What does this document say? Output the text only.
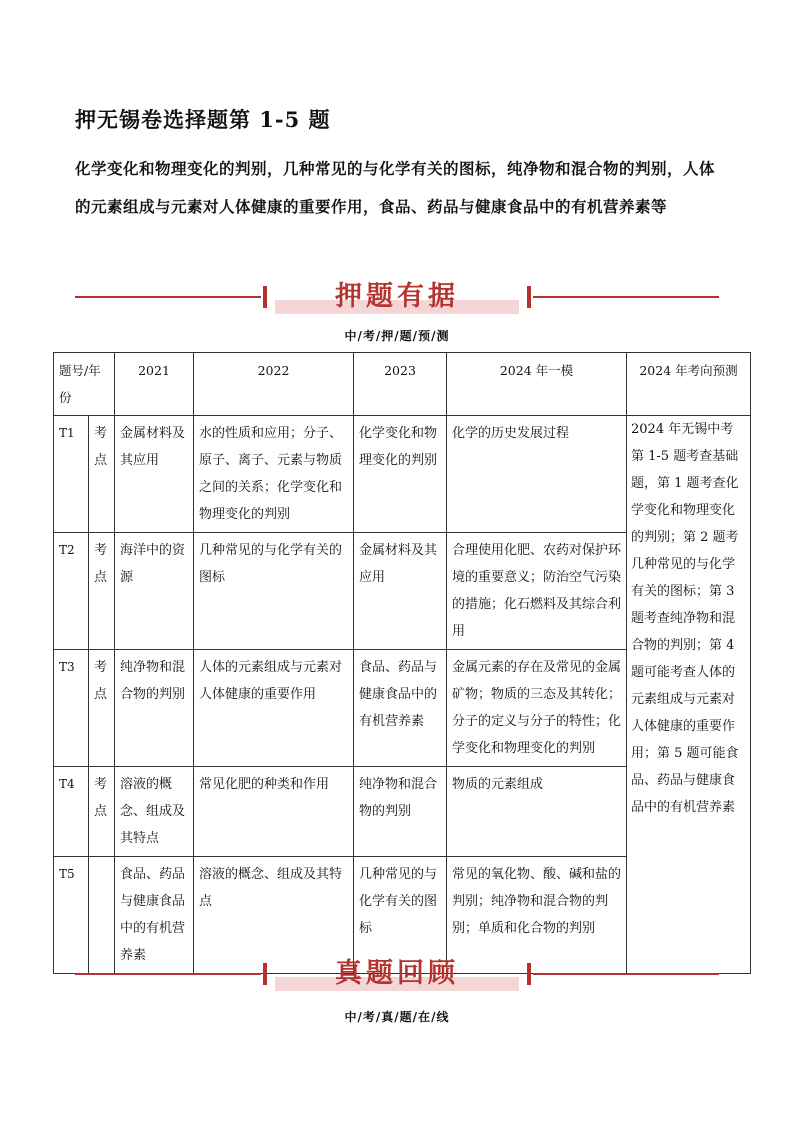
押无锡卷选择题第 1-5 题
化学变化和物理变化的判别，几种常见的与化学有关的图标，纯净物和混合物的判别，人体的元素组成与元素对人体健康的重要作用，食品、药品与健康食品中的有机营养素等
押题有据
中/考/押/题/预/测
题号/年份		2021	2022	2023	2024 年一模	2024 年考向预测
T1	考点	金属材料及其应用	水的性质和应用；分子、原子、离子、元素与物质之间的关系；化学变化和物理变化的判别	化学变化和物理变化的判别	化学的历史发展过程	2024 年无锡中考第 1-5 题考查基础题，第 1 题考查化学变化和物理变化的判别；第 2 题考几种常见的与化学有关的图标；第 3 题考查纯净物和混合物的判别；第 4 题可能考查人体的元素组成与元素对人体健康的重要作用；第 5 题可能食品、药品与健康食品中的有机营养素
T2	考点	海洋中的资源	几种常见的与化学有关的图标	金属材料及其应用	合理使用化肥、农药对保护环境的重要意义；防治空气污染的措施；化石燃料及其综合利用	
T3	考点	纯净物和混合物的判别	人体的元素组成与元素对人体健康的重要作用	食品、药品与健康食品中的有机营养素	金属元素的存在及常见的金属矿物；物质的三态及其转化；分子的定义与分子的特性；化学变化和物理变化的判别	
T4	考点	溶液的概念、组成及其特点	常见化肥的种类和作用	纯净物和混合物的判别	物质的元素组成	
T5		食品、药品与健康食品中的有机营养素	溶液的概念、组成及其特点	几种常见的与化学有关的图标	常见的氧化物、酸、碱和盐的判别；纯净物和混合物的判别；单质和化合物的判别	
真题回顾
中/考/真/题/在/线
